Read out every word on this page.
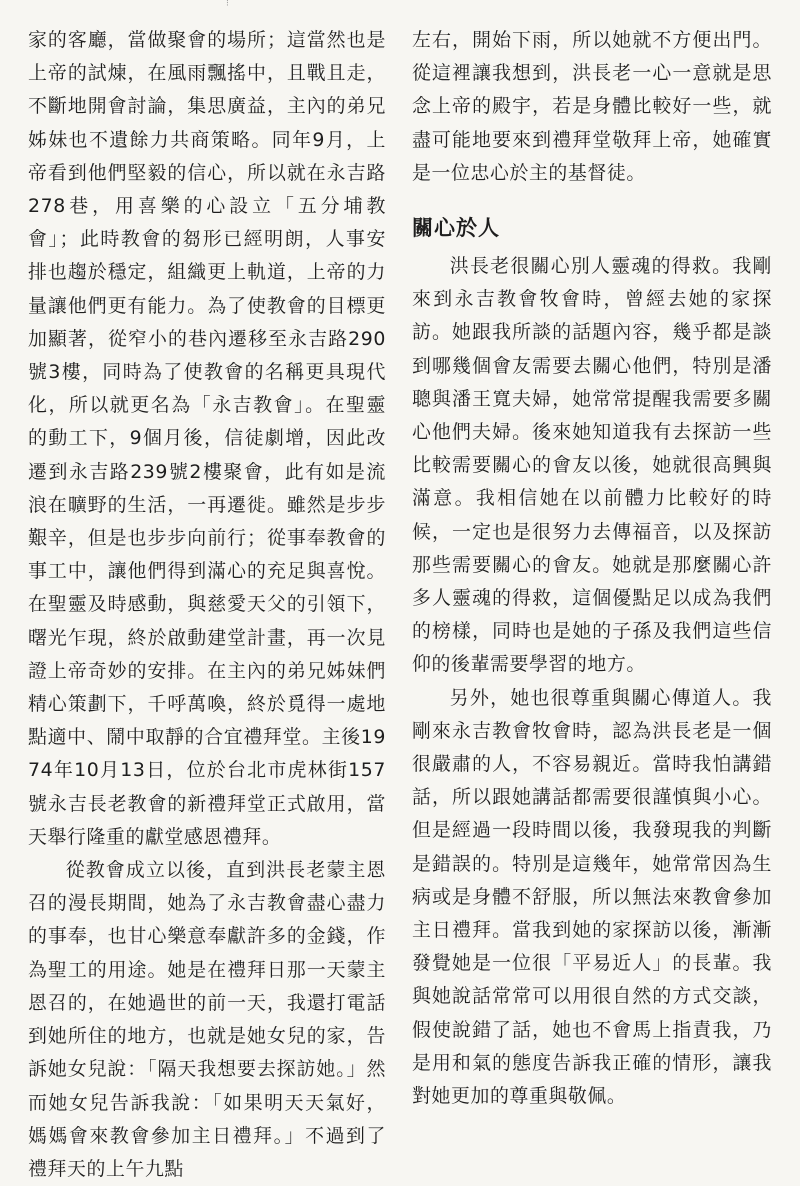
⁝

家的客廳，當做聚會的場所；這當然也是上帝的試煉，在風雨飄搖中，且戰且走，不斷地開會討論，集思廣益，主內的弟兄姊妹也不遺餘力共商策略。同年9月，上帝看到他們堅毅的信心，所以就在永吉路278巷，用喜樂的心設立「五分埔教會」；此時教會的芻形已經明朗，人事安排也趨於穩定，組織更上軌道，上帝的力量讓他們更有能力。為了使教會的目標更加顯著，從窄小的巷內遷移至永吉路290號3樓，同時為了使教會的名稱更具現代化，所以就更名為「永吉教會」。在聖靈的動工下，9個月後，信徒劇增，因此改遷到永吉路239號2樓聚會，此有如是流浪在曠野的生活，一再遷徙。雖然是步步艱辛，但是也步步向前行；從事奉教會的事工中，讓他們得到滿心的充足與喜悅。在聖靈及時感動，與慈愛天父的引領下，曙光乍現，終於啟動建堂計畫，再一次見證上帝奇妙的安排。在主內的弟兄姊妹們精心策劃下，千呼萬喚，終於覓得一處地點適中、鬧中取靜的合宜禮拜堂。主後1974年10月13日，位於台北市虎林街157號永吉長老教會的新禮拜堂正式啟用，當天舉行隆重的獻堂感恩禮拜。

從教會成立以後，直到洪長老蒙主恩召的漫長期間，她為了永吉教會盡心盡力的事奉，也甘心樂意奉獻許多的金錢，作為聖工的用途。她是在禮拜日那一天蒙主恩召的，在她過世的前一天，我還打電話到她所住的地方，也就是她女兒的家，告訴她女兒說：「隔天我想要去探訪她。」然而她女兒告訴我說：「如果明天天氣好，媽媽會來教會參加主日禮拜。」不過到了禮拜天的上午九點

左右，開始下雨，所以她就不方便出門。從這裡讓我想到，洪長老一心一意就是思念上帝的殿宇，若是身體比較好一些，就盡可能地要來到禮拜堂敬拜上帝，她確實是一位忠心於主的基督徒。

關心於人

洪長老很關心別人靈魂的得救。我剛來到永吉教會牧會時，曾經去她的家探訪。她跟我所談的話題內容，幾乎都是談到哪幾個會友需要去關心他們，特別是潘聰與潘王寬夫婦，她常常提醒我需要多關心他們夫婦。後來她知道我有去探訪一些比較需要關心的會友以後，她就很高興與滿意。我相信她在以前體力比較好的時候，一定也是很努力去傳福音，以及探訪那些需要關心的會友。她就是那麼關心許多人靈魂的得救，這個優點足以成為我們的榜樣，同時也是她的子孫及我們這些信仰的後輩需要學習的地方。

另外，她也很尊重與關心傳道人。我剛來永吉教會牧會時，認為洪長老是一個很嚴肅的人，不容易親近。當時我怕講錯話，所以跟她講話都需要很謹慎與小心。但是經過一段時間以後，我發現我的判斷是錯誤的。特別是這幾年，她常常因為生病或是身體不舒服，所以無法來教會參加主日禮拜。當我到她的家探訪以後，漸漸發覺她是一位很「平易近人」的長輩。我與她說話常常可以用很自然的方式交談，假使說錯了話，她也不會馬上指責我，乃是用和氣的態度告訴我正確的情形，讓我對她更加的尊重與敬佩。
